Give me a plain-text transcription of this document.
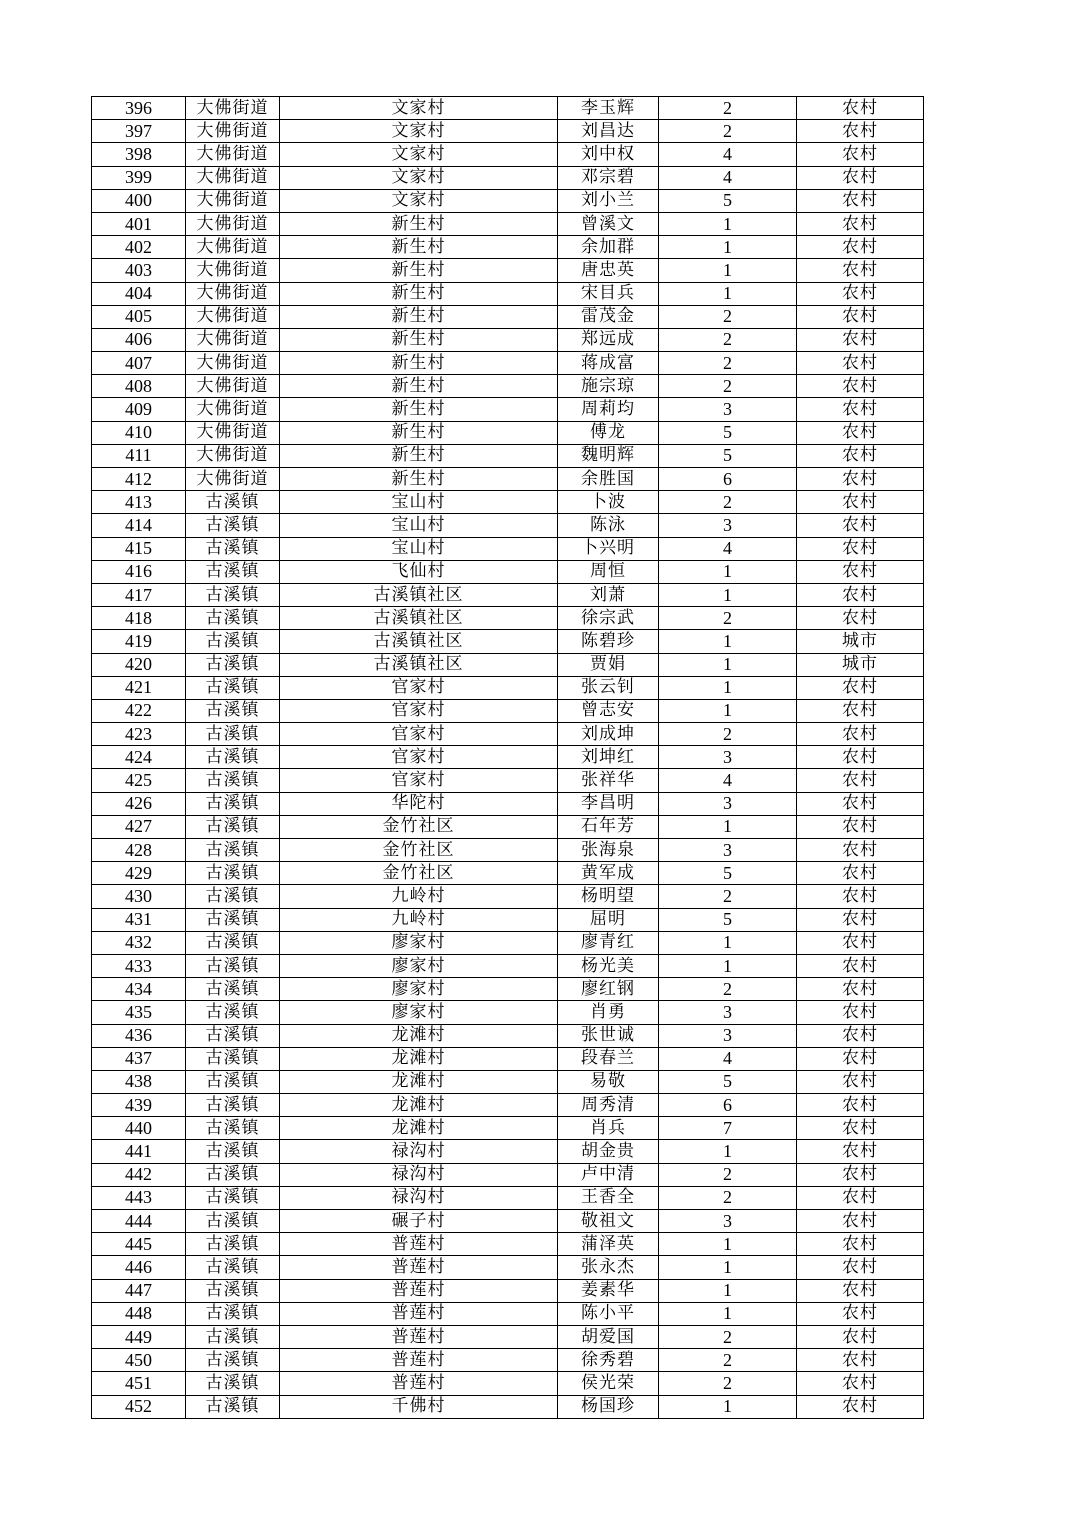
396	大佛街道	文家村	李玉辉	2	农村
397	大佛街道	文家村	刘昌达	2	农村
398	大佛街道	文家村	刘中权	4	农村
399	大佛街道	文家村	邓宗碧	4	农村
400	大佛街道	文家村	刘小兰	5	农村
401	大佛街道	新生村	曾溪文	1	农村
402	大佛街道	新生村	余加群	1	农村
403	大佛街道	新生村	唐忠英	1	农村
404	大佛街道	新生村	宋目兵	1	农村
405	大佛街道	新生村	雷茂金	2	农村
406	大佛街道	新生村	郑远成	2	农村
407	大佛街道	新生村	蒋成富	2	农村
408	大佛街道	新生村	施宗琼	2	农村
409	大佛街道	新生村	周莉均	3	农村
410	大佛街道	新生村	傅龙	5	农村
411	大佛街道	新生村	魏明辉	5	农村
412	大佛街道	新生村	余胜国	6	农村
413	古溪镇	宝山村	卜波	2	农村
414	古溪镇	宝山村	陈泳	3	农村
415	古溪镇	宝山村	卜兴明	4	农村
416	古溪镇	飞仙村	周恒	1	农村
417	古溪镇	古溪镇社区	刘萧	1	农村
418	古溪镇	古溪镇社区	徐宗武	2	农村
419	古溪镇	古溪镇社区	陈碧珍	1	城市
420	古溪镇	古溪镇社区	贾娟	1	城市
421	古溪镇	官家村	张云钊	1	农村
422	古溪镇	官家村	曾志安	1	农村
423	古溪镇	官家村	刘成坤	2	农村
424	古溪镇	官家村	刘坤红	3	农村
425	古溪镇	官家村	张祥华	4	农村
426	古溪镇	华陀村	李昌明	3	农村
427	古溪镇	金竹社区	石年芳	1	农村
428	古溪镇	金竹社区	张海泉	3	农村
429	古溪镇	金竹社区	黄军成	5	农村
430	古溪镇	九岭村	杨明望	2	农村
431	古溪镇	九岭村	屈明	5	农村
432	古溪镇	廖家村	廖青红	1	农村
433	古溪镇	廖家村	杨光美	1	农村
434	古溪镇	廖家村	廖红钢	2	农村
435	古溪镇	廖家村	肖勇	3	农村
436	古溪镇	龙滩村	张世诚	3	农村
437	古溪镇	龙滩村	段春兰	4	农村
438	古溪镇	龙滩村	易敬	5	农村
439	古溪镇	龙滩村	周秀清	6	农村
440	古溪镇	龙滩村	肖兵	7	农村
441	古溪镇	禄沟村	胡金贵	1	农村
442	古溪镇	禄沟村	卢中清	2	农村
443	古溪镇	禄沟村	王香全	2	农村
444	古溪镇	碾子村	敬祖文	3	农村
445	古溪镇	普莲村	蒲泽英	1	农村
446	古溪镇	普莲村	张永杰	1	农村
447	古溪镇	普莲村	姜素华	1	农村
448	古溪镇	普莲村	陈小平	1	农村
449	古溪镇	普莲村	胡爱国	2	农村
450	古溪镇	普莲村	徐秀碧	2	农村
451	古溪镇	普莲村	侯光荣	2	农村
452	古溪镇	千佛村	杨国珍	1	农村
